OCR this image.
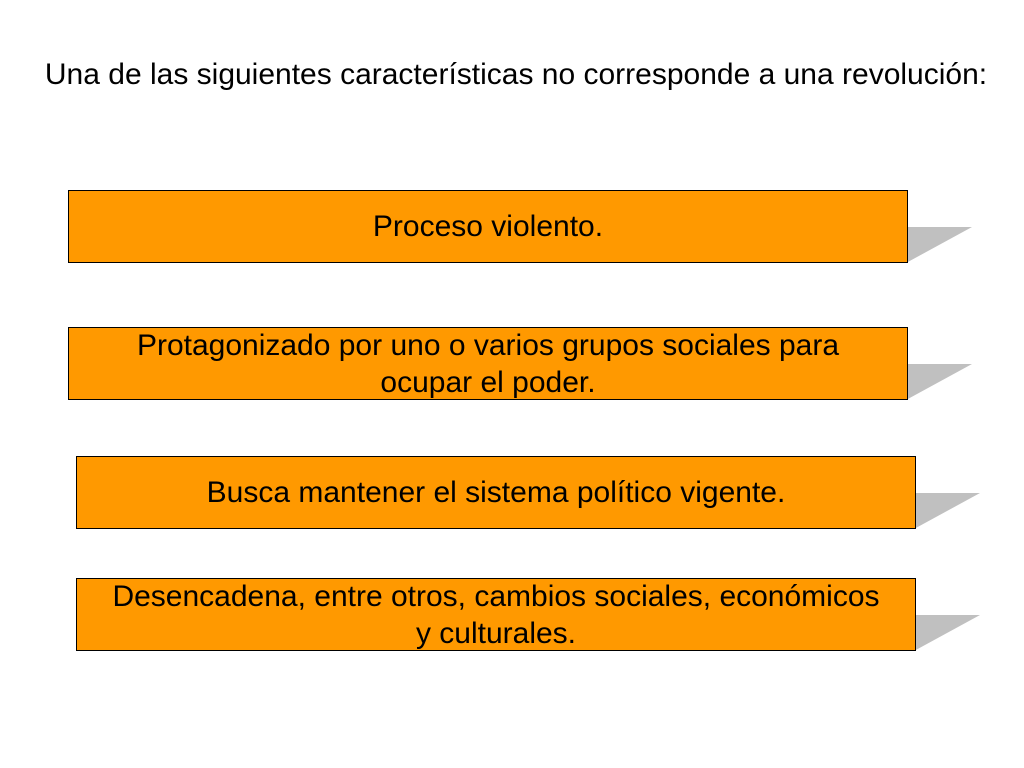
Una de las siguientes características no corresponde a una revolución:
Proceso violento.
Protagonizado por uno o varios grupos sociales para ocupar el poder.
Busca mantener el sistema político vigente.
Desencadena, entre otros, cambios sociales, económicos y culturales.
